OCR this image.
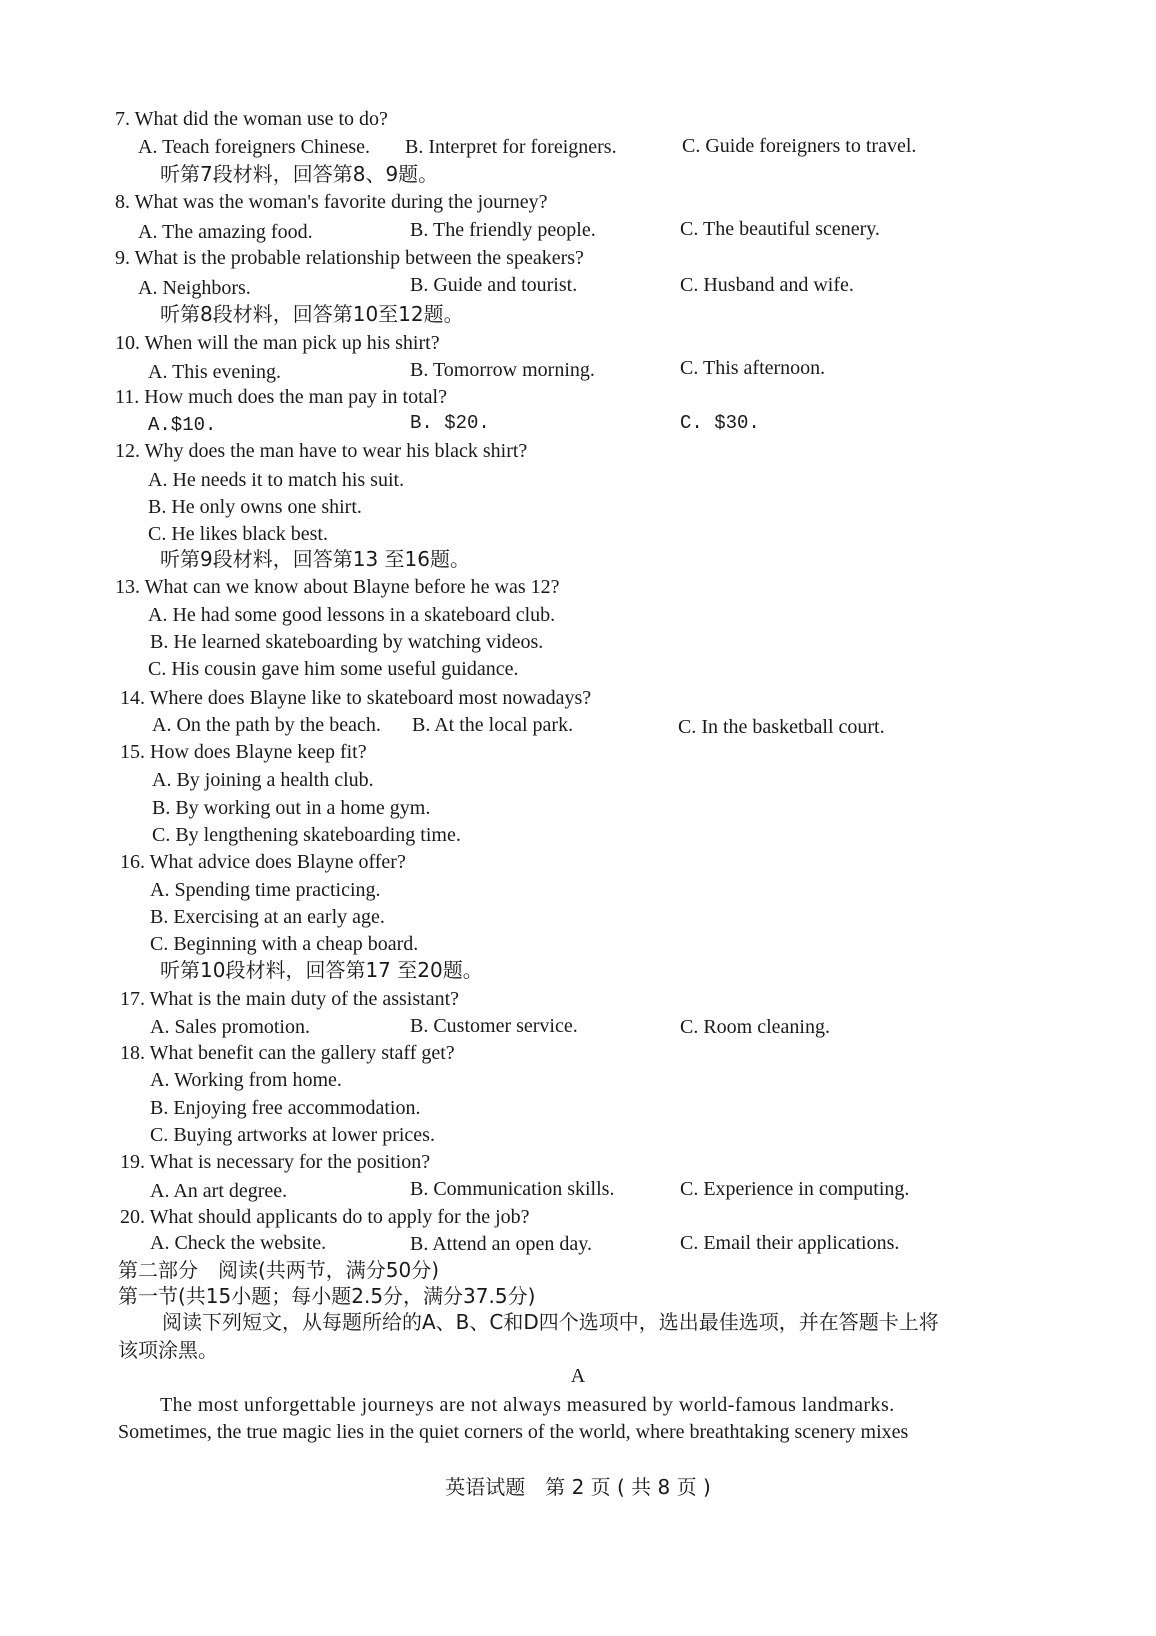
7. What did the woman use to do?
A. Teach foreigners Chinese. B. Interpret for foreigners.	C. Guide foreigners to travel.
听第7段材料，回答第8、9题。
8. What was the woman's favorite during the journey?
A. The amazing food.	B. The friendly people.	C. The beautiful scenery.
9. What is the probable relationship between the speakers?
A. Neighbors.	B. Guide and tourist.	C. Husband and wife.
听第8段材料，回答第10至12题。
10. When will the man pick up his shirt?
A. This evening.	B. Tomorrow morning.	C. This afternoon.
11. How much does the man pay in total?
A.$10.	B. $20.	C. $30.
12. Why does the man have to wear his black shirt?
A. He needs it to match his suit.
B. He only owns one shirt.
C. He likes black best.
听第9段材料，回答第13 至16题。
13. What can we know about Blayne before he was 12?
A. He had some good lessons in a skateboard club.
B. He learned skateboarding by watching videos.
C. His cousin gave him some useful guidance.
14. Where does Blayne like to skateboard most nowadays?
A. On the path by the beach. B. At the local park.	C. In the basketball court.
15. How does Blayne keep fit?
A. By joining a health club.
B. By working out in a home gym.
C. By lengthening skateboarding time.
16. What advice does Blayne offer?
A. Spending time practicing.
B. Exercising at an early age.
C. Beginning with a cheap board.
听第10段材料，回答第17 至20题。
17. What is the main duty of the assistant?
A. Sales promotion.	B. Customer service.	C. Room cleaning.
18. What benefit can the gallery staff get?
A. Working from home.
B. Enjoying free accommodation.
C. Buying artworks at lower prices.
19. What is necessary for the position?
A. An art degree.	B. Communication skills.	C. Experience in computing.
20. What should applicants do to apply for the job?
A. Check the website.	B. Attend an open day.	C. Email their applications.
第二部分　阅读(共两节，满分50分)
第一节(共15小题；每小题2.5分，满分37.5分)
阅读下列短文，从每题所给的A、B、C和D四个选项中，选出最佳选项，并在答题卡上将
该项涂黑。
A
The most unforgettable journeys are not always measured by world-famous landmarks.
Sometimes, the true magic lies in the quiet corners of the world, where breathtaking scenery mixes
英语试题　第 2 页 ( 共 8 页 )
